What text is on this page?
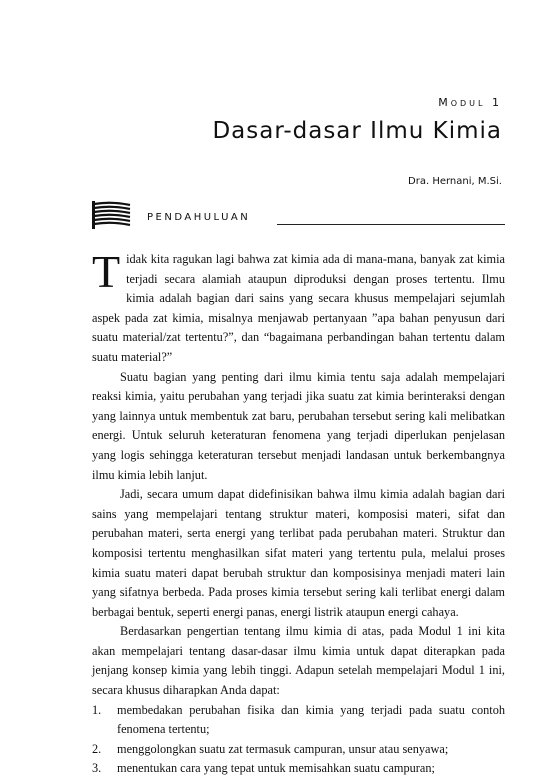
Modul 1
Dasar-dasar Ilmu Kimia
Dra. Hernani, M.Si.
PENDAHULUAN

Tidak kita ragukan lagi bahwa zat kimia ada di mana-mana, banyak zat kimia terjadi secara alamiah ataupun diproduksi dengan proses tertentu. Ilmu kimia adalah bagian dari sains yang secara khusus mempelajari sejumlah aspek pada zat kimia, misalnya menjawab pertanyaan ”apa bahan penyusun dari suatu material/zat tertentu?”, dan “bagaimana perbandingan bahan tertentu dalam suatu material?”

Suatu bagian yang penting dari ilmu kimia tentu saja adalah mempelajari reaksi kimia, yaitu perubahan yang terjadi jika suatu zat kimia berinteraksi dengan yang lainnya untuk membentuk zat baru, perubahan tersebut sering kali melibatkan energi. Untuk seluruh keteraturan fenomena yang terjadi diperlukan penjelasan yang logis sehingga keteraturan tersebut menjadi landasan untuk berkembangnya ilmu kimia lebih lanjut.

Jadi, secara umum dapat didefinisikan bahwa ilmu kimia adalah bagian dari sains yang mempelajari tentang struktur materi, komposisi materi, sifat dan perubahan materi, serta energi yang terlibat pada perubahan materi. Struktur dan komposisi tertentu menghasilkan sifat materi yang tertentu pula, melalui proses kimia suatu materi dapat berubah struktur dan komposisinya menjadi materi lain yang sifatnya berbeda. Pada proses kimia tersebut sering kali terlibat energi dalam berbagai bentuk, seperti energi panas, energi listrik ataupun energi cahaya.

Berdasarkan pengertian tentang ilmu kimia di atas, pada Modul 1 ini kita akan mempelajari tentang dasar-dasar ilmu kimia untuk dapat diterapkan pada jenjang konsep kimia yang lebih tinggi. Adapun setelah mempelajari Modul 1 ini, secara khusus diharapkan Anda dapat:

1. membedakan perubahan fisika dan kimia yang terjadi pada suatu contoh fenomena tertentu;
2. menggolongkan suatu zat termasuk campuran, unsur atau senyawa;
3. menentukan cara yang tepat untuk memisahkan suatu campuran;
